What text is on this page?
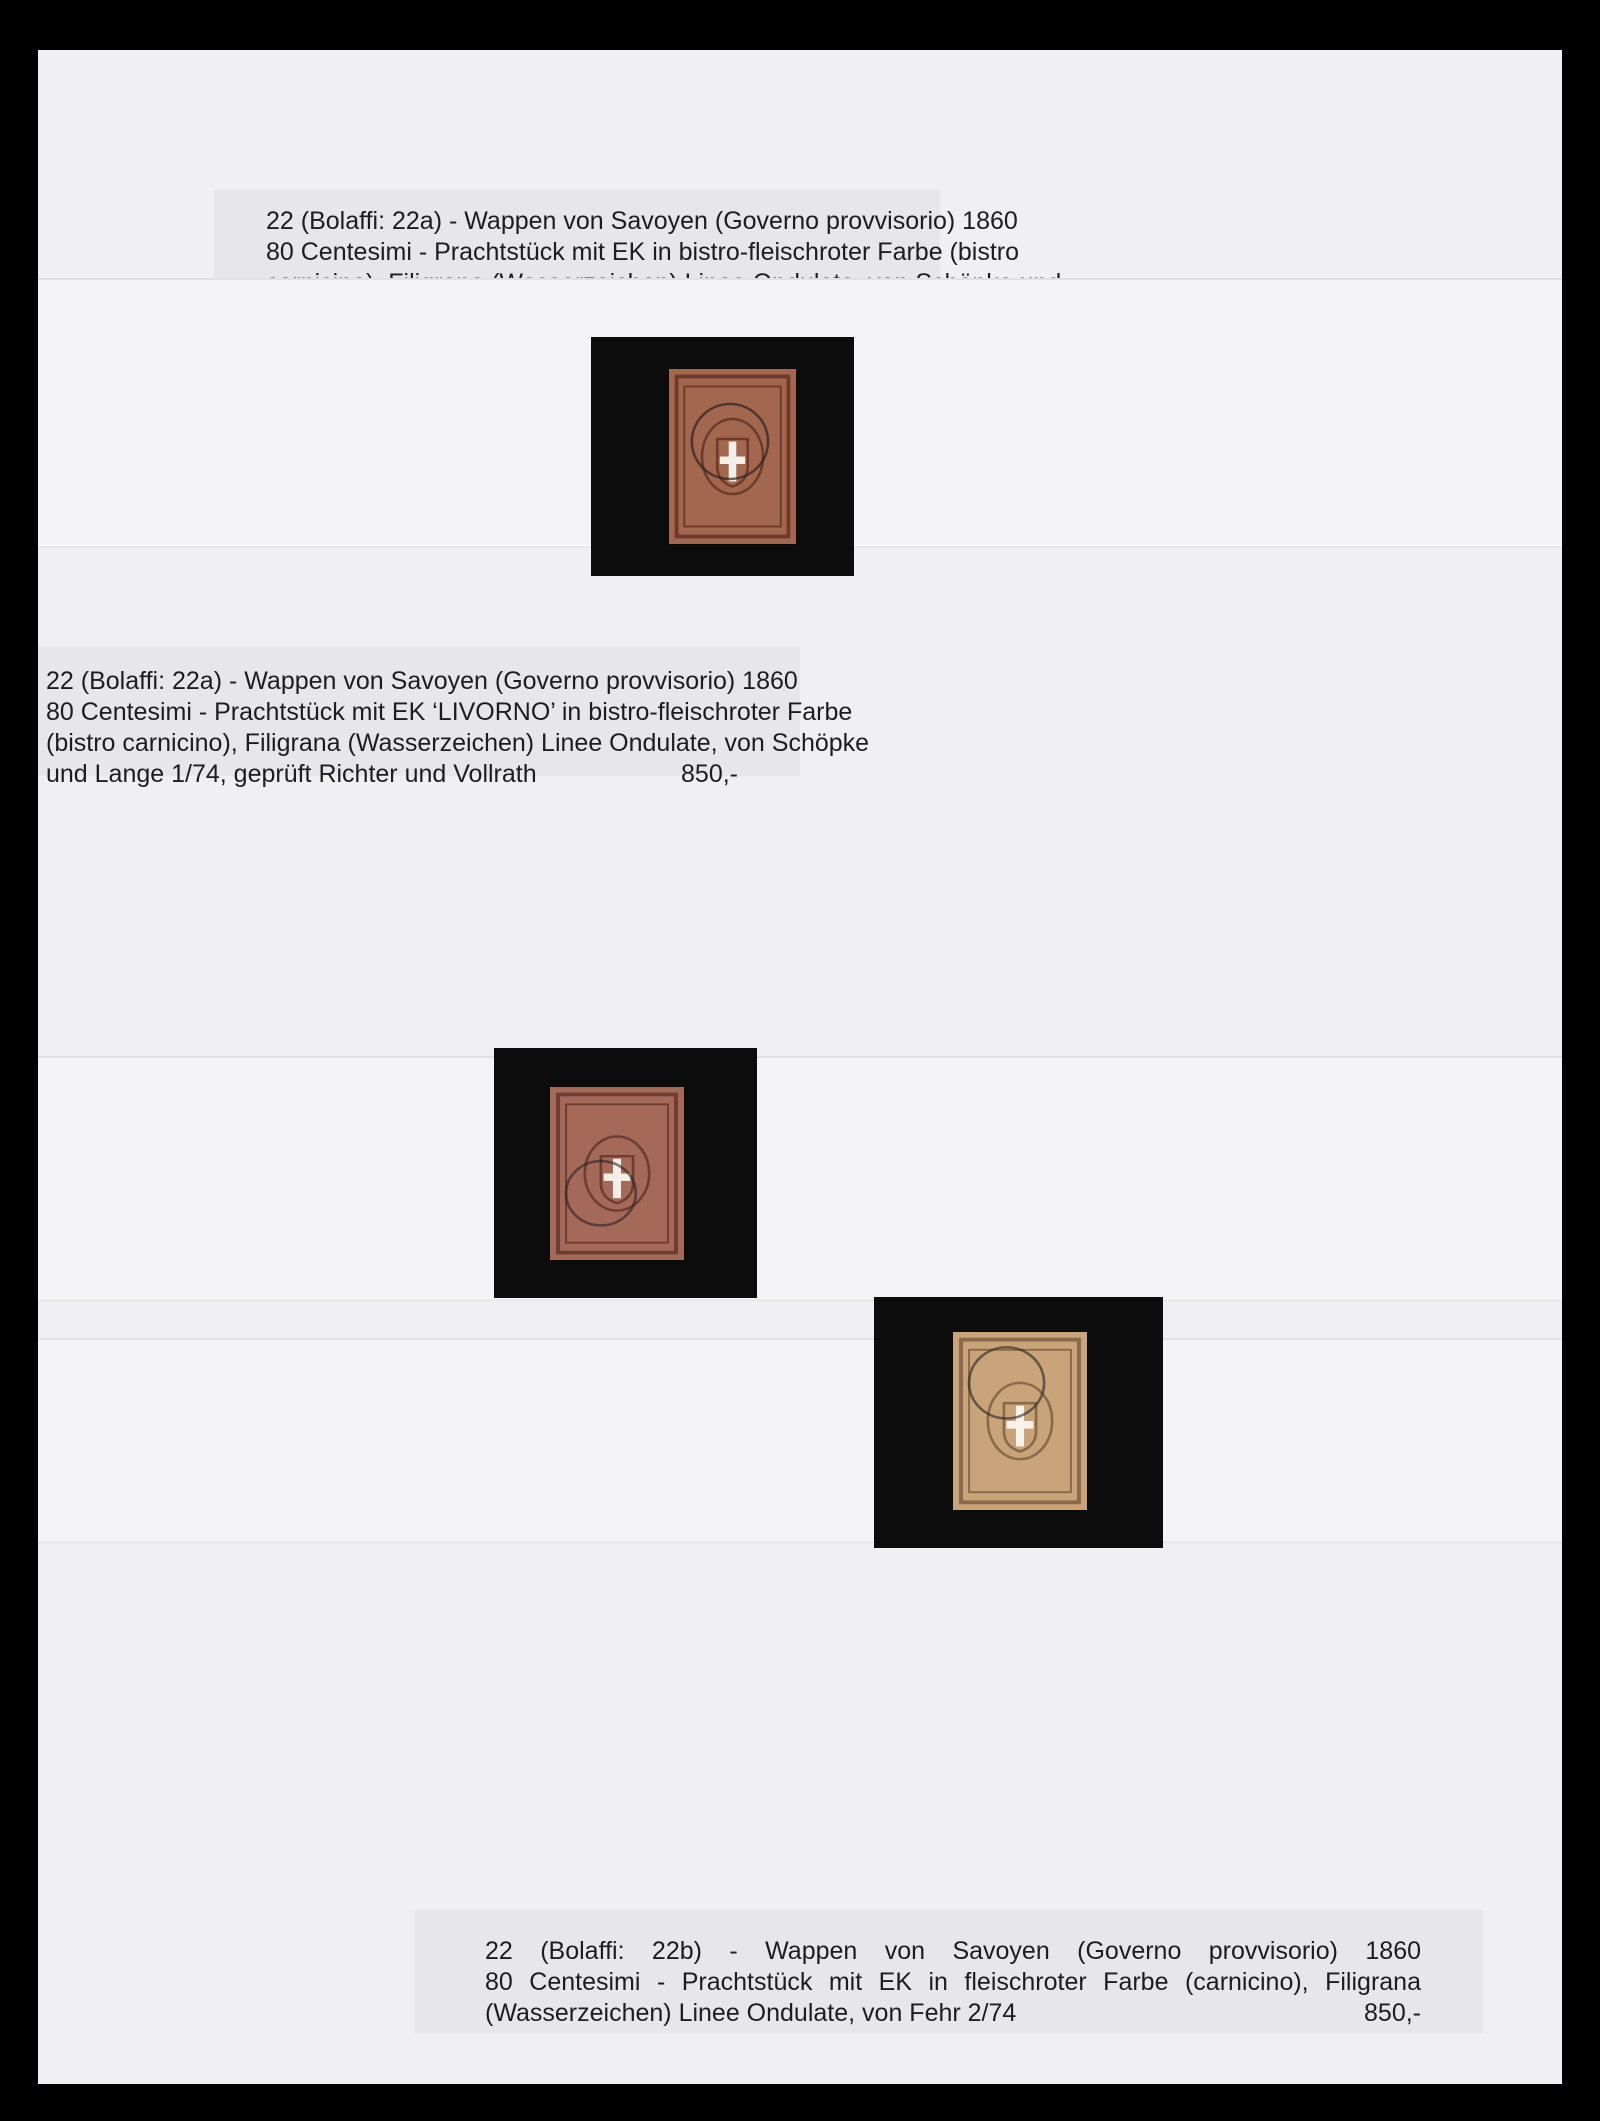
22 (Bolaffi: 22a) - Wappen von Savoyen (Governo provvisorio) 1860
80 Centesimi - Prachtstück mit EK in bistro-fleischroter Farbe (bistro
22 (Bolaffi: 22a) - Wappen von Savoyen (Governo provvisorio) 1860
80 Centesimi - Prachtstück mit EK ‘LIVORNO’ in bistro-fleischroter Farbe
(bistro carnicino), Filigrana (Wasserzeichen) Linee Ondulate, von Schöpke
und Lange 1/74, geprüft Richter und Vollrath	850,-
22 (Bolaffi: 22b) - Wappen von Savoyen (Governo provvisorio) 1860
80 Centesimi - Prachtstück mit EK in fleischroter Farbe (carnicino), Filigrana
(Wasserzeichen) Linee Ondulate, von Fehr 2/74	850,-
